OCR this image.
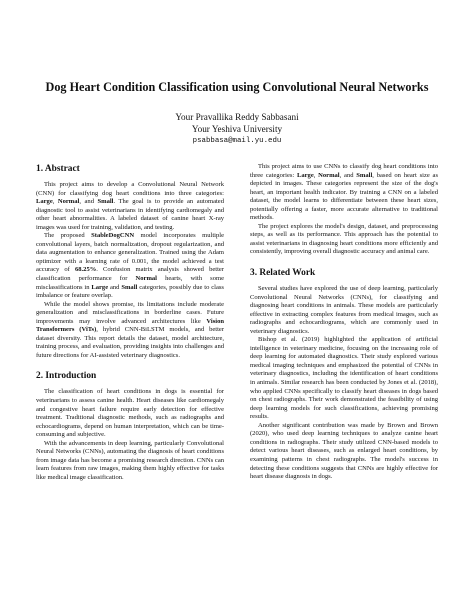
Dog Heart Condition Classification using Convolutional Neural Networks
Your Pravallika Reddy Sabbasani
Your Yeshiva University
psabbasa@mail.yu.edu
1. Abstract

This project aims to develop a Convolutional Neural Network (CNN) for classifying dog heart conditions into three categories: Large, Normal, and Small. The goal is to provide an automated diagnostic tool to assist veterinarians in identifying cardiomegaly and other heart abnormalities. A labeled dataset of canine heart X-ray images was used for training, validation, and testing.

The proposed StableDogCNN model incorporates multiple convolutional layers, batch normalization, dropout regularization, and data augmentation to enhance generalization. Trained using the Adam optimizer with a learning rate of 0.001, the model achieved a test accuracy of 68.25%. Confusion matrix analysis showed better classification performance for Normal hearts, with some misclassifications in Large and Small categories, possibly due to class imbalance or feature overlap.

While the model shows promise, its limitations include moderate generalization and misclassifications in borderline cases. Future improvements may involve advanced architectures like Vision Transformers (ViTs), hybrid CNN-BiLSTM models, and better dataset diversity. This report details the dataset, model architecture, training process, and evaluation, providing insights into challenges and future directions for AI-assisted veterinary diagnostics.

2. Introduction

The classification of heart conditions in dogs is essential for veterinarians to assess canine health. Heart diseases like cardiomegaly and congestive heart failure require early detection for effective treatment. Traditional diagnostic methods, such as radiographs and echocardiograms, depend on human interpretation, which can be time-consuming and subjective.

With the advancements in deep learning, particularly Convolutional Neural Networks (CNNs), automating the diagnosis of heart conditions from image data has become a promising research direction. CNNs can learn features from raw images, making them highly effective for tasks like medical image classification.

This project aims to use CNNs to classify dog heart conditions into three categories: Large, Normal, and Small, based on heart size as depicted in images. These categories represent the size of the dog's heart, an important health indicator. By training a CNN on a labeled dataset, the model learns to differentiate between these heart sizes, potentially offering a faster, more accurate alternative to traditional methods.

The project explores the model's design, dataset, and preprocessing steps, as well as its performance. This approach has the potential to assist veterinarians in diagnosing heart conditions more efficiently and consistently, improving overall diagnostic accuracy and animal care.

3. Related Work

Several studies have explored the use of deep learning, particularly Convolutional Neural Networks (CNNs), for classifying and diagnosing heart conditions in animals. These models are particularly effective in extracting complex features from medical images, such as radiographs and echocardiograms, which are commonly used in veterinary diagnostics.

Bishop et al. (2019) highlighted the application of artificial intelligence in veterinary medicine, focusing on the increasing role of deep learning for automated diagnostics. Their study explored various medical imaging techniques and emphasized the potential of CNNs in veterinary diagnostics, including the identification of heart conditions in animals. Similar research has been conducted by Jones et al. (2018), who applied CNNs specifically to classify heart diseases in dogs based on chest radiographs. Their work demonstrated the feasibility of using deep learning models for such classifications, achieving promising results.

Another significant contribution was made by Brown and Brown (2020), who used deep learning techniques to analyze canine heart conditions in radiographs. Their study utilized CNN-based models to detect various heart diseases, such as enlarged heart conditions, by examining patterns in chest radiographs. The model's success in detecting these conditions suggests that CNNs are highly effective for heart disease diagnosis in dogs.
